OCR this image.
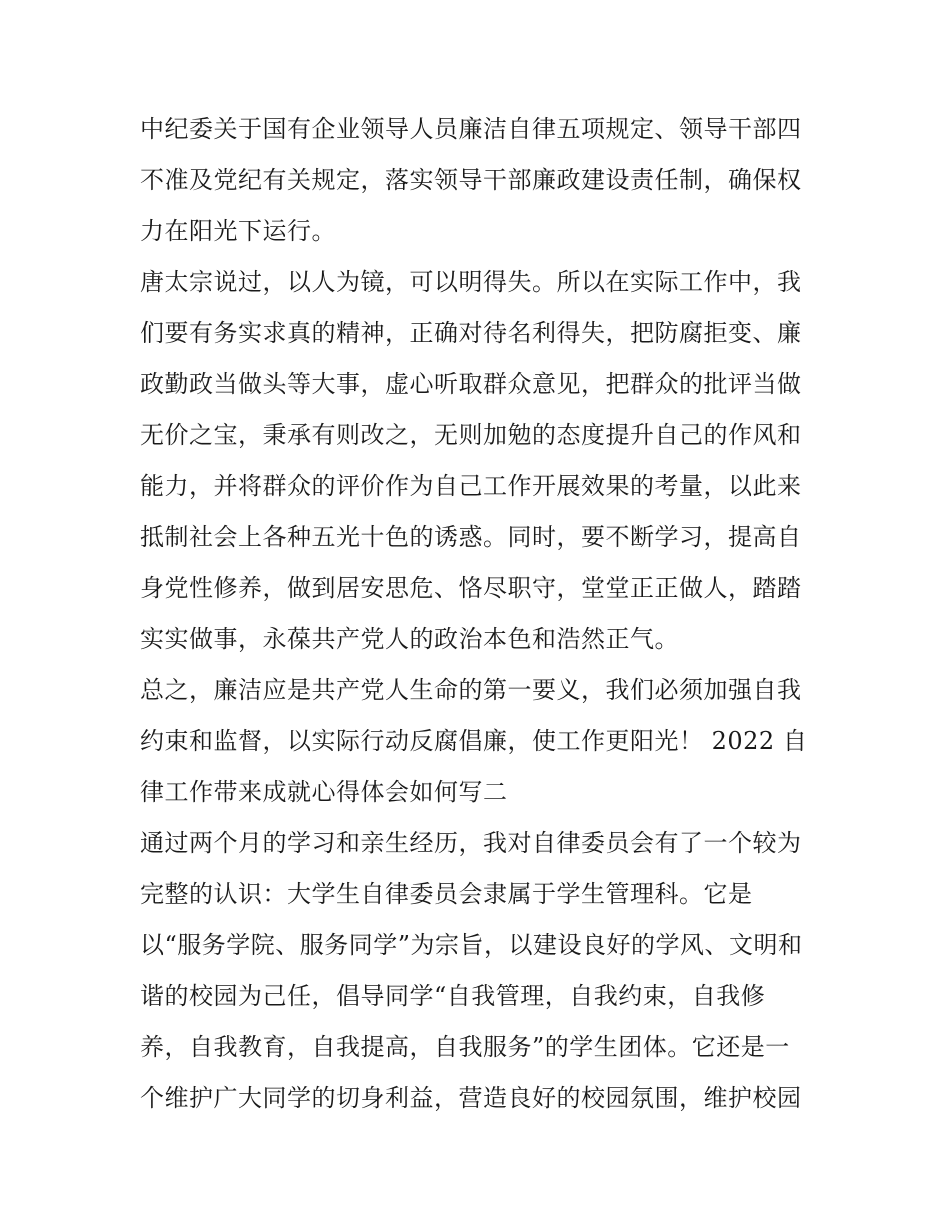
中纪委关于国有企业领导人员廉洁自律五项规定、领导干部四
不准及党纪有关规定，落实领导干部廉政建设责任制，确保权
力在阳光下运行。
唐太宗说过，以人为镜，可以明得失。所以在实际工作中，我
们要有务实求真的精神，正确对待名利得失，把防腐拒变、廉
政勤政当做头等大事，虚心听取群众意见，把群众的批评当做
无价之宝，秉承有则改之，无则加勉的态度提升自己的作风和
能力，并将群众的评价作为自己工作开展效果的考量，以此来
抵制社会上各种五光十色的诱惑。同时，要不断学习，提高自
身党性修养，做到居安思危、恪尽职守，堂堂正正做人，踏踏
实实做事，永葆共产党人的政治本色和浩然正气。
总之，廉洁应是共产党人生命的第一要义，我们必须加强自我
约束和监督，以实际行动反腐倡廉，使工作更阳光！ 2022 自
律工作带来成就心得体会如何写二
通过两个月的学习和亲生经历，我对自律委员会有了一个较为
完整的认识：大学生自律委员会隶属于学生管理科。它是
以“服务学院、服务同学”为宗旨，以建设良好的学风、文明和
谐的校园为己任，倡导同学“自我管理，自我约束，自我修
养，自我教育，自我提高，自我服务”的学生团体。它还是一
个维护广大同学的切身利益，营造良好的校园氛围，维护校园
